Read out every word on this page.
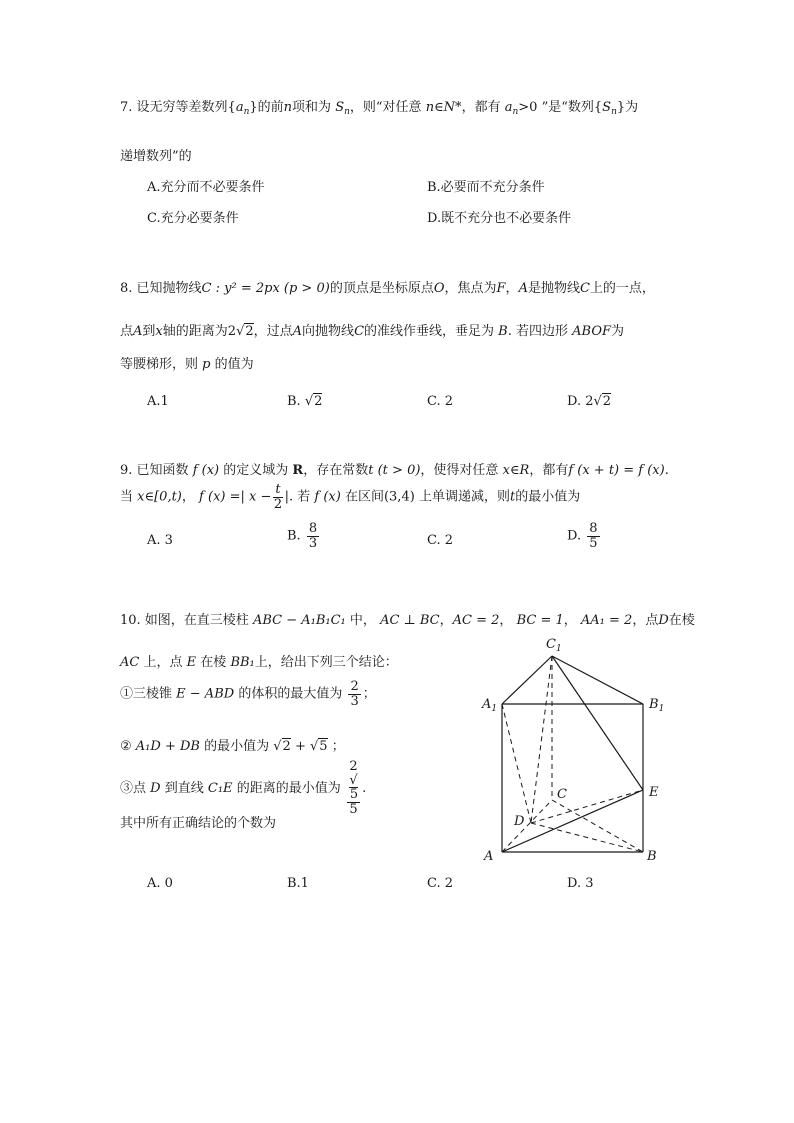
7. 设无穷等差数列$\{a_n\}$的前n项和为 $S_n$，则“对任意 n∈N*，都有 $a_n>0$ ”是“数列$\{S_n\}$为
递增数列”的
A.充分而不必要条件	B.必要而不充分条件
C.充分必要条件	D.既不充分也不必要条件
8. 已知抛物线C : y² = 2px (p > 0)的顶点是坐标原点O，焦点为F，A是抛物线C上的一点，
点A到x轴的距离为2√2，过点A向抛物线C的准线作垂线，垂足为 B. 若四边形 ABOF为
等腰梯形，则 p 的值为
A.1	B. √2	C. 2	D. 2√2
9. 已知函数 f (x) 的定义域为 R，存在常数t (t > 0)，使得对任意 x∈R，都有f (x + t) = f (x).
当 x∈[0,t)， f (x) =| $x - \frac{t}{2}$ |. 若 f (x) 在区间(3,4) 上单调递减，则t的最小值为
A. 3	B. $\frac{8}{3}$	C. 2	D. $\frac{8}{5}$
10. 如图，在直三棱柱 ABC − A₁B₁C₁ 中， AC ⊥ BC，AC = 2， BC = 1， AA₁ = 2，点D在棱
AC 上，点 E 在棱 BB₁上，给出下列三个结论：
①三棱锥 E − ABD 的体积的最大值为 $\frac{2}{3}$ ；
② A₁D + DB 的最小值为 √2 + √5 ；
③点 D 到直线 C₁E 的距离的最小值为 2
√
5
5 .
其中所有正确结论的个数为
$C_1$
$A_1$	$B_1$
C	E
D
A	B
A. 0	B.1	C. 2	D. 3
